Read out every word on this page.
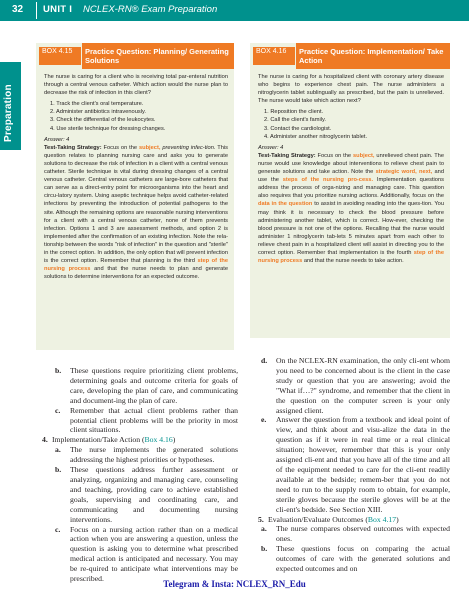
32 UNIT I NCLEX-RN® Exam Preparation
Preparation
BOX 4.15	Practice Question: Planning/ Generating Solutions

The nurse is caring for a client who is receiving total par-enteral nutrition through a central venous catheter. Which action would the nurse plan to decrease the risk of infection in this client?

1. Track the client's oral temperature.
2. Administer antibiotics intravenously.
3. Check the differential of the leukocytes.
4. Use sterile technique for dressing changes.

Answer: 4

Test-Taking Strategy: Focus on the subject, preventing infec-tion. This question relates to planning nursing care and asks you to generate solutions to decrease the risk of infection in a client with a central venous catheter. Sterile technique is vital during dressing changes of a central venous catheter. Central venous catheters are large-bore catheters that can serve as a direct-entry point for microorganisms into the heart and circu-latory system. Using aseptic technique helps avoid catheter-related infections by preventing the introduction of potential pathogens to the site. Although the remaining options are reasonable nursing interventions for a client with a central venous catheter, none of them prevents infection. Options 1 and 3 are assessment methods, and option 2 is implemented after the confirmation of an existing infection. Note the rela-tionship between the words "risk of infection" in the question and "sterile" in the correct option. In addition, the only option that will prevent infection is the correct option. Remember that planning is the third step of the nursing process and that the nurse needs to plan and generate solutions to determine interventions for an expected outcome.

BOX 4.16	Practice Question: Implementation/ Take Action

The nurse is caring for a hospitalized client with coronary artery disease who begins to experience chest pain. The nurse administers a nitroglycerin tablet sublingually as prescribed, but the pain is unrelieved. The nurse would take which action next?

1. Reposition the client.
2. Call the client's family.
3. Contact the cardiologist.
4. Administer another nitroglycerin tablet.

Answer: 4

Test-Taking Strategy: Focus on the subject, unrelieved chest pain. The nurse would use knowledge about interventions to relieve chest pain to generate solutions and take action. Note the strategic word, next, and use the steps of the nursing pro-cess. Implementation questions address the process of orga-nizing and managing care. This question also requires that you prioritize nursing actions. Additionally, focus on the data in the question to assist in avoiding reading into the ques-tion. You may think it is necessary to check the blood pressure before administering another tablet, which is correct. How-ever, checking the blood pressure is not one of the options. Recalling that the nurse would administer 1 nitroglycerin tab-lets 5 minutes apart from each other to relieve chest pain in a hospitalized client will assist in directing you to the correct option. Remember that implementation is the fourth step of the nursing process and that the nurse needs to take action.

b. These questions require prioritizing client problems, determining goals and outcome criteria for goals of care, developing the plan of care, and communicating and document-ing the plan of care.
c. Remember that actual client problems rather than potential client problems will be the priority in most client situations.
4. Implementation/Take Action (Box 4.16)
a. The nurse implements the generated solutions addressing the highest priorities or hypotheses.
b. These questions address further assessment or analyzing, organizing and managing care, counseling and teaching, providing care to achieve established goals, supervising and coordinating care, and communicating and documenting nursing interventions.
c. Focus on a nursing action rather than on a medical action when you are answering a question, unless the question is asking you to determine what prescribed medical action is anticipated and necessary. You may be re-quired to anticipate what interventions may be prescribed.
d. On the NCLEX-RN examination, the only cli-ent whom you need to be concerned about is the client in the case study or question that you are answering; avoid the "What if…?" syndrome, and remember that the client in the question on the computer screen is your only assigned client.
e. Answer the question from a textbook and ideal point of view, and think about and visu-alize the data in the question as if it were in real time or a real clinical situation; however, remember that this is your only assigned cli-ent and that you have all of the time and all of the equipment needed to care for the cli-ent readily available at the bedside; remem-ber that you do not need to run to the supply room to obtain, for example, sterile gloves because the sterile gloves will be at the cli-ent's bedside. See Section XIII.
5. Evaluation/Evaluate Outcomes (Box 4.17)
a. The nurse compares observed outcomes with expected ones.
b. These questions focus on comparing the actual outcomes of care with the generated solutions and expected outcomes and on
Telegram & Insta: NCLEX_RN_Edu
